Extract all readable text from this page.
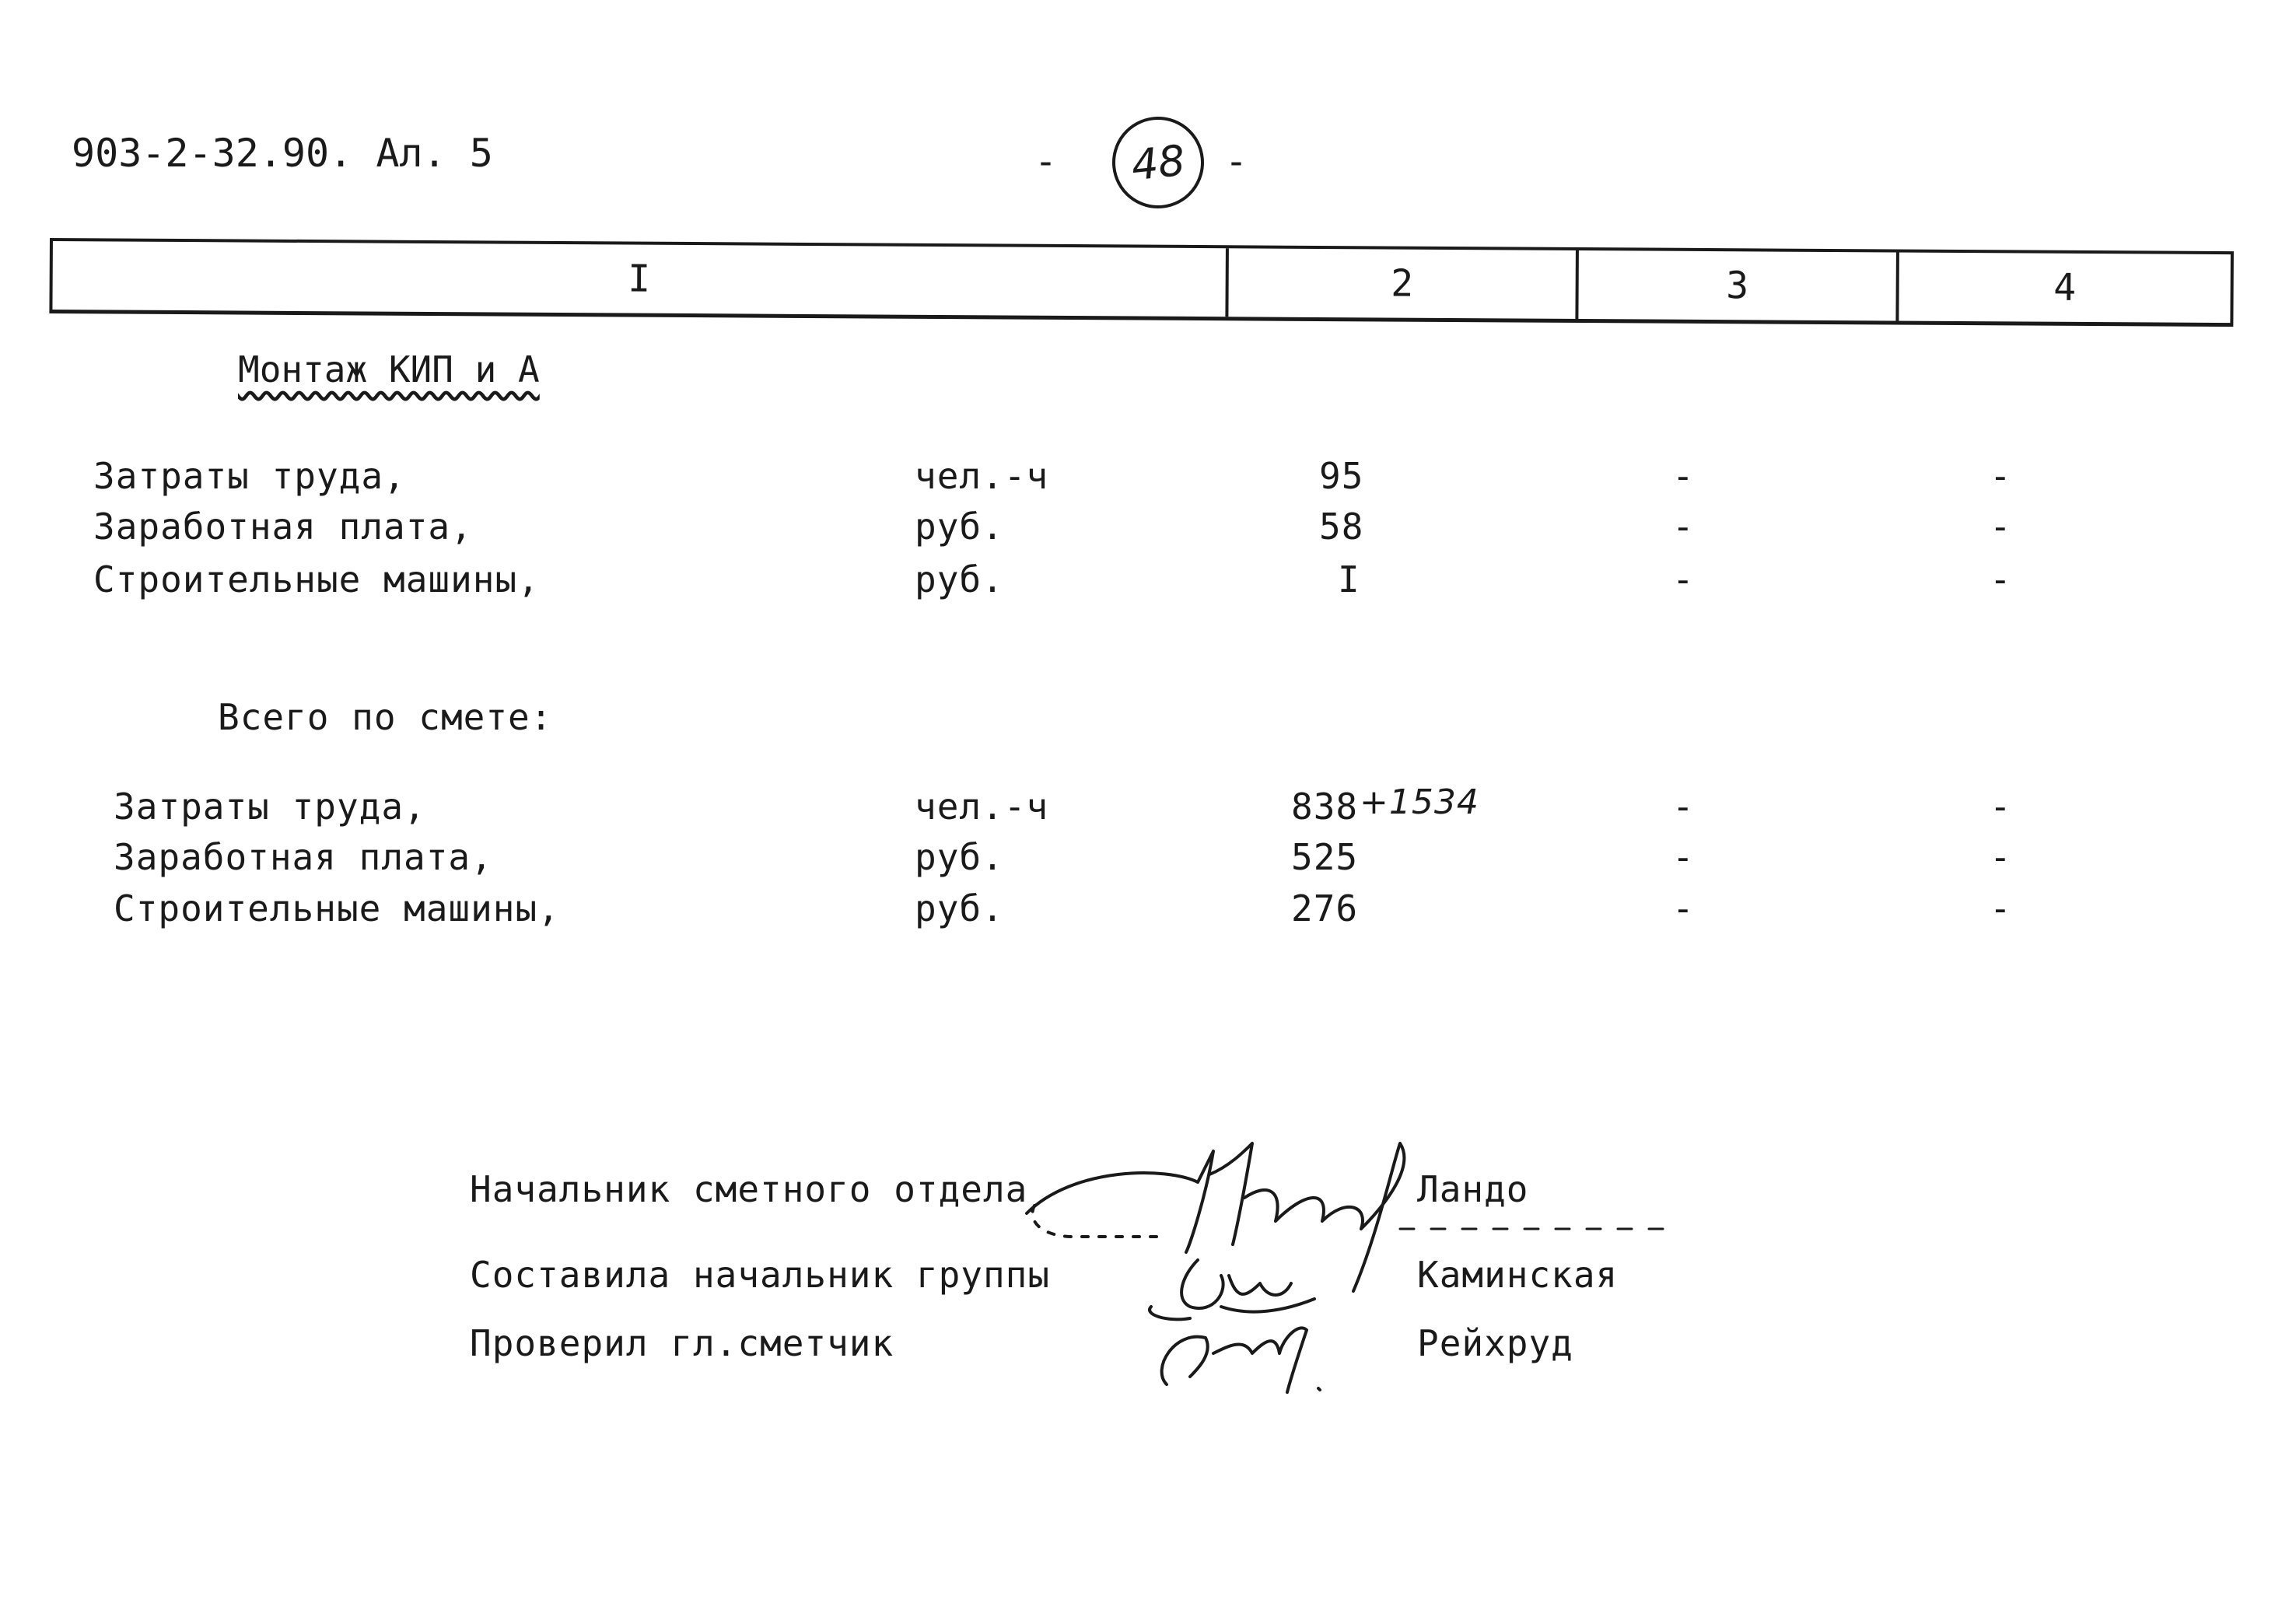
903-2-32.90. Ал. 5	-	48	-
I	2	3	4
Монтаж КИП и А
Затраты труда,	чел.-ч	95	-	-
Заработная плата,	руб.	58	-	-
Строительные машины,	руб.	I	-	-
Всего по смете:
Затраты труда,	чел.-ч	838 +1534	-	-
Заработная плата,	руб.	525	-	-
Строительные машины,	руб.	276	-	-
Начальник сметного отдела	Ландо
Составила начальник группы	Каминская
Проверил гл.сметчик	Рейхруд
